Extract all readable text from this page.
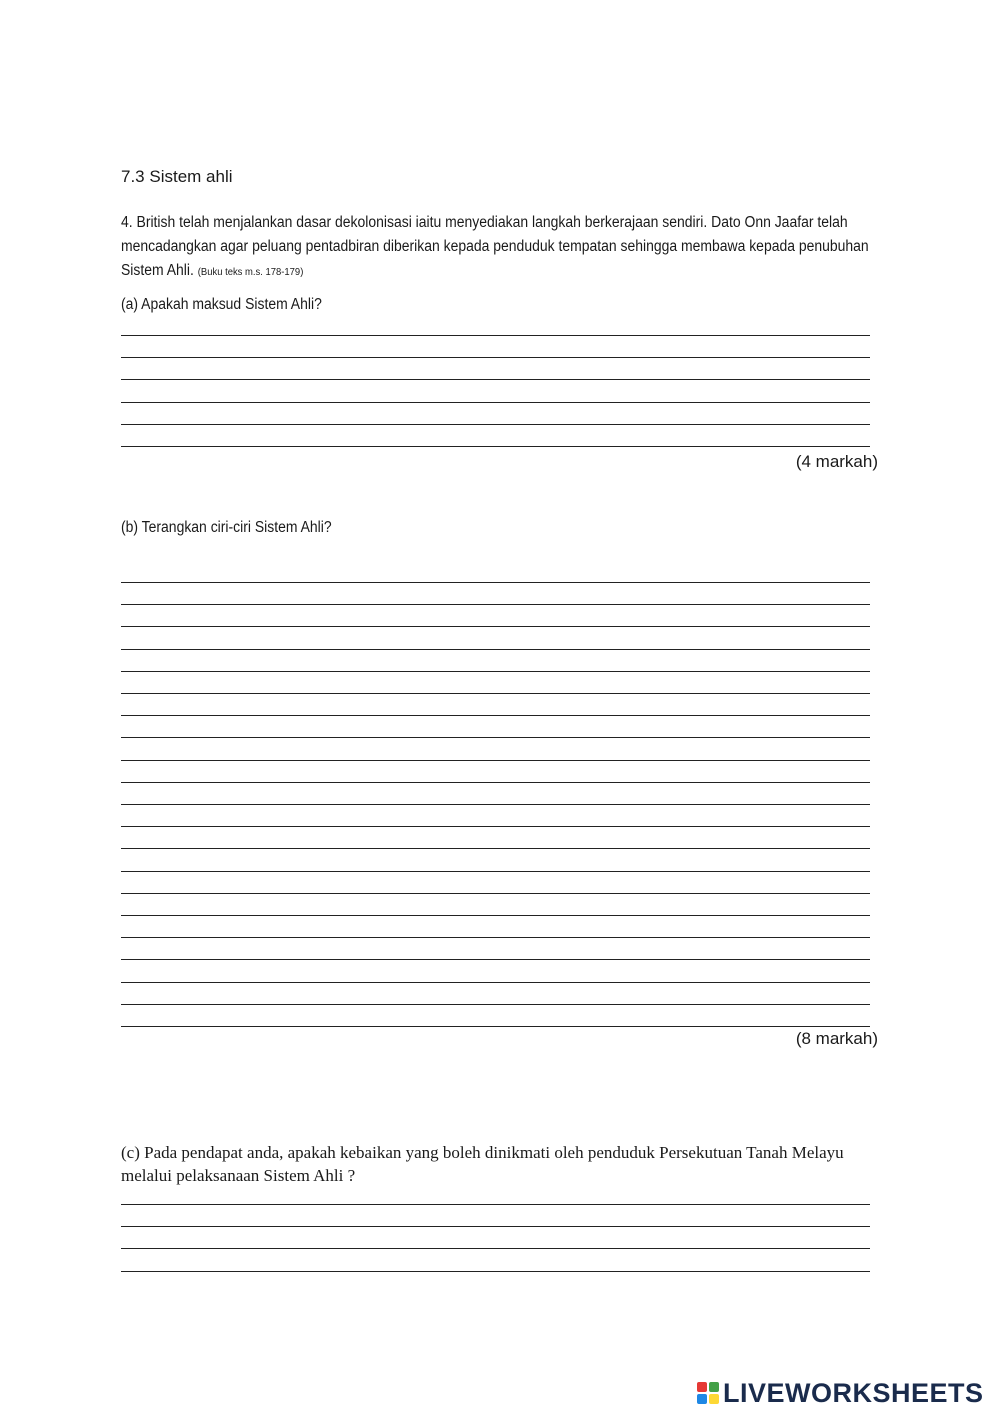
7.3 Sistem ahli
4. British telah menjalankan dasar dekolonisasi iaitu menyediakan langkah berkerajaan sendiri. Dato Onn Jaafar telah mencadangkan agar peluang pentadbiran diberikan kepada penduduk tempatan sehingga membawa kepada penubuhan Sistem Ahli. (Buku teks m.s. 178-179)
(a) Apakah maksud Sistem Ahli?
(4 markah)
(b) Terangkan ciri-ciri Sistem Ahli?
(8 markah)
(c) Pada pendapat anda, apakah kebaikan yang boleh dinikmati oleh penduduk Persekutuan Tanah Melayu melalui pelaksanaan Sistem Ahli ?
LIVEWORKSHEETS
